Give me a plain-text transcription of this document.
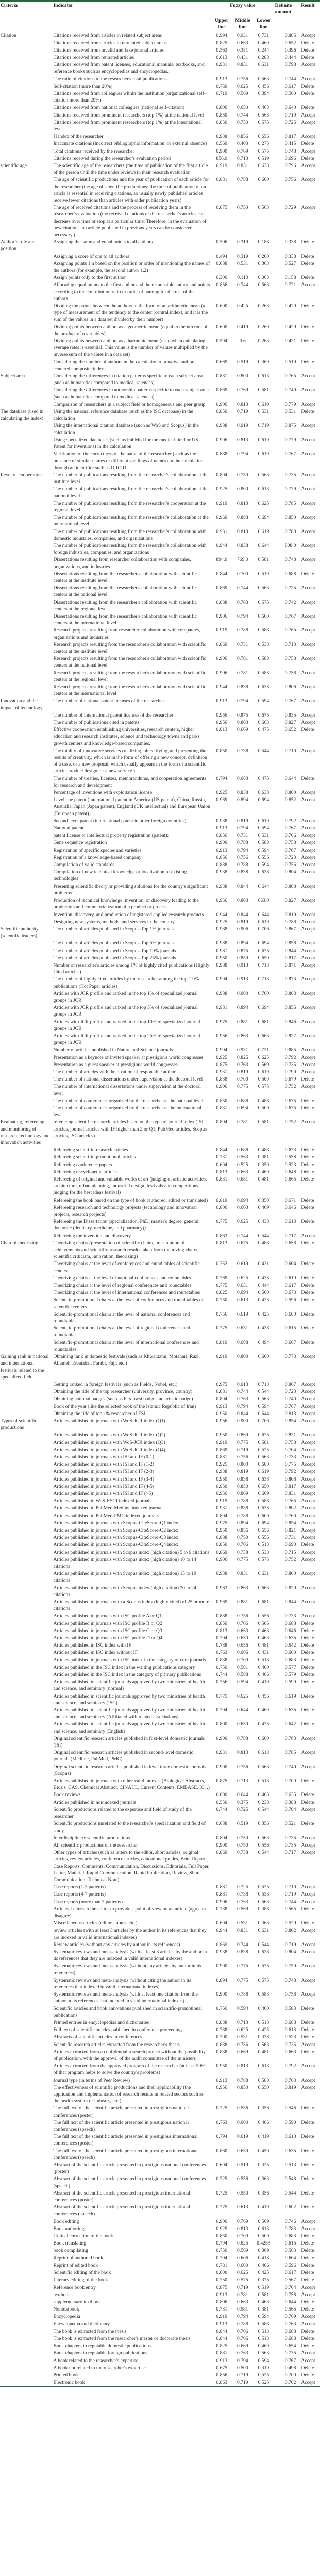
Criteria	Indicator	Fuzzy value			Definite amount	Result
		Upper line	Middle line	Lower line		
Citation	Citations received from articles in related subject areas	0.994	0.931	0.731	0.885	Accept
	Citations received from articles in unrelated subject areas	0.825	0.663	0.469	0.652	Delete
	Citations received from invalid and fake journal articles	0.563	0.381	0.244	0.396	Delete
	Citations received from retracted articles	0.613	0.431	0.288	0.444	Delete
	Citations received from patent licenses, educational manuals, textbooks, and reference books such as encyclopedias and encyclopedias.	0.931	0.831	0.631	0.798	Accept
	The ratio of citations to the researcher's total publications	0.913	0.756	0.563	0.744	Accept
	Self-citation (more than 20%)	0.769	0.625	0.456	0.617	Delete
	Citations received from colleagues within the institution (organizational self-citation more than 20%)	0.719	0.569	0.394	0.560	Delete
	Citations received from national colleagues (national self-citation)	0.806	0.650	0.463	0.640	Delete
	Citations received from prominent researchers (top 1%) at the national level	0.850	0.744	0.563	0.719	Accept
	Citations received from prominent researchers (top 1%) at the international level	0.850	0.750	0.575	0.725	Accept
	H index of the researcher	0.938	0.856	0.656	0.817	Accept
	Inaccurate citations (incorrect bibliographic information, or external absence)	0.569	0.400	0.275	0.415	Delete
	Total citations received by the researcher	0.900	0.769	0.575	0.748	Accept
	Citations received during the researcher's evaluation period	856.0	0.713	0.519	0.696	Delete
scientific age	The scientific age of the researchers (the time of publication of the first article of the person until the time under review) in their research evaluation	0.919	0.831	0.638	0.796	Accept
	The age of scientific productions and the year of publication of each article for the researcher (the age of scientific productions: the time of publication of an article is essential in receiving citations, so usually newly published articles receive fewer citations than articles with older publication years)	0.881	0.788	0.600	0.756	Accept
	The age of received citations and the process of receiving them in the researcher`s evaluation (the received citations of the researcher's articles can decrease over time or stop at a particular time. Therefore, in the evaluation of new citations, an article published in previous years can be considered necessary.)	0.875	0.750	0.563	0.729	Accept
Author`s role and position	Assigning the same and equal points to all authors	0.506	0.319	0.188	0.338	Delete
	Assigning a score of one to all authors	0.494	0.319	0.200	0.338	Delete
	Assigning points 1.n based on the position or order of mentioning the names of the authors (for example, the second author 1.2)	0.688	0.531	0.363	0.527	Delete
	Assign points only to the first author	0.300	0.113	0.063	0.158	Delete
	Allocating equal points to the first author and the responsible author and points according to the contribution ratio or order of naming for the rest of the authors	0.856	0.744	0.563	0.721	Accept
	Dividing the points between the authors in the form of an arithmetic mean (a type of measurement of the tendency to the center (central index), and it is the sum of the values in a data set divided by their number)	0.600	0.425	0.263	0.429	Delete
	Dividing points between authors as a geometric mean (equal to the nth root of the product of n variables)	0.600	0.419	0.269	0.429	Delete
	Dividing points between authors as a harmonic mean (used when calculating average rates is essential. This value is the number of values multiplied by the inverse sum of the values in a data set)	0.594	0.6	0.263	0.421	Delete
	Considering the number of authors in the calculation of a native author-centered composite index	0.669	0.519	0.369	0.519	Delete
Subject area	Considering the differences in citation patterns specific to each subject area (such as humanities compared to medical sciences)	0.881	0.800	0.613	0.765	Accept
	Considering the differences in authorship patterns specific to each subject area (such as humanities compared to medical sciences)	0.869	0.769	0.581	0.740	Accept
	Comparison of researchers in a subject field or homogeneous and peer group	0.906	0.813	0.619	0.779	Accept
The database (used in calculating the index)	Using the national reference database (such as the ISC database) in the calculation	0.850	0.719	0.531	0.531	Delete
	Using the international citation database (such as WoS and Scopus) in the calculation	0.988	0.919	0.719	0.875	Accept
	Using specialized databases (such as PubMed for the medical field or US Patent for inventions) in the calculation	0.906	0.813	0.619	0.779	Accept
	Verification of the correctness of the name of the researcher (such as the presence of similar names or different spellings of names) in the calculation through an identifier such as ORCID	0.888	0.794	0.619	0.767	Accept
Level of cooperation	The number of publications resulting from the researcher's collaboration at the institute level	0.894	0.750	0.563	0.735	Accept
	The number of publications resulting from the researcher's collaboration at the national level	0.925	0.800	0.613	0.779	Accept
	The number of publications resulting from the researcher's cooperation at the regional level	0.919	0.813	0.625	0.785	Accept
	The number of publications resulting from the researcher's collaboration at the international level	0.969	0.888	0.694	0.850	Accept
	The number of publications resulting from the researcher's collaboration with domestic industries, companies, and organizations	0.931	0.813	0.619	0.788	Accept
	The number of publications resulting from the researcher's collaboration with foreign industries, companies, and organizations	0.944	0.838	0.644	808.0	Accept
	Dissertations resulting from researcher collaboration with companies, organizations, and industries	894.0	769.0	0.581	0.748	Accept
	Dissertations resulting from the researcher's collaboration with scientific centers at the institute level	0.844	0.700	0.519	0.688	Delete
	Dissertations resulting from the researcher's collaboration with scientific centers at the national level	0.869	0.744	0.563	0.725	Accept
	Dissertations resulting from the researcher's collaboration with scientific centers at the regional level	0.888	0.763	0.575	0.742	Accept
	Dissertations resulting from the researcher's collaboration with scientific centers at the international level	0.906	0.794	0.600	0.767	Accept
	Research projects resulting from researcher collaboration with companies, organizations and industries	0.919	0.788	0.588	0.765	Accept
	Research projects resulting from the researcher's collaboration with scientific centers at the institute level	0.869	0.731	0.538	0.713	Accept
	Research projects resulting from the researcher's collaboration with scientific centers at the national level	0.906	0.781	0.588	0.758	Accept
	Research projects resulting from the researcher's collaboration with scientific centers at the regional level	0.906	0.781	0.588	0.758	Accept
	Research projects resulting from the researcher's collaboration with scientific centers at the international level	0.944	0.838	0.638	0.806	Accept
Innovation and the impact of technology	The number of national patent licenses of the researcher	0.913	0.794	0.594	0.767	Accept
	The number of international patent licenses of the researcher	0.956	0.875	0.675	0.835	Accept
	The number of publications cited in patents	0.956	0.863	0.663	0.827	Accept
	Effective cooperation establishing universities, research centers, higher education and research institutes, science and technology towns and parks, growth centers and knowledge-based companies.	0.813	0.669	0.475	0.652	Delete
	The totality of innovative services (realizing, objectifying, and presenting the results of creativity, which is in the form of offering a new concept, definition of a case, or a new proposal, which usually appears in the form of a scientific article, product design, or a new service.)	0.850	0.738	0.544	0.710	Accept
	The number of treaties, licenses, memorandums, and cooperation agreements for research and development	0.794	0.663	0.475	0.644	Delete
	Percentage of inventions with exploitation license	0.925	0.838	0.638	0.800	Accept
	Level one patent (international patent in America (US patent), China, Russia, Australia, Japan (Japan patent), England (UK intellectual) and European Union (European patent))	0.969	0.894	0.694	0.852	Accept
	Second level patent (international patent in other foreign countries)	0.938	0.819	0.619	0.792	Accept
	National patent	0.913	0.794	0.594	0.767	Accept
	patent license or intellectual property registration (patent);	0.856	0.731	0.531	0.706	Accept
	Gene sequence registration	0.900	0.788	0.588	0.758	Accept
	Registration of specific species and varieties	0.913	0.794	0.594	0.767	Accept
	Registration of a knowledge-based company	0.856	0.756	0.556	0.723	Accept
	Compilation of valid standards	0.888	0.788	0.594	0.756	Accept
	Compilation of new technical knowledge or localization of existing technologies	0.938	0.838	0.638	0.804	Accept
	Presenting scientific theory or providing solutions for the country's significant problems	0.938	0.844	0.644	0.808	Accept
	Production of technical knowledge, invention, or discovery leading to the production and commercialization of a product or process	0.956	0.863	663.0	0.827	Accept
	Invention, discovery, and production of registered applied research products	0.944	0.844	0.644	0.810	Accept
	Designing new systems, methods, and services in the country	0.925	0.819	0.619	0.788	Accept
Scientific authority (scientific leaders)	The number of articles published in Scopus-Top 1% journals	0.988	0.906	0.706	0.867	Accept
	The number of articles published in Scopus-Top 5% journals	0.988	0.894	0.694	0.858	Accept
	The number of articles published in Scopus-Top 10% journals	0.981	0.875	0.675	0.844	Accept
	The number of articles published in Scopus-Top 25% journals	0.950	0.850	0.650	0.817	Accept
	Number of researcher's articles among 1% of highly cited publications (Highly Cited articles)	0.988	0.913	0.713	0.871	Accept
	The number of highly cited articles by the researcher among the top 1.0% publications (Hot Paper articles)	0.994	0.913	0.713	0.873	Accept
	Articles with JCR profile and ranked in the top 1% of specialized journal groups in JCR	0.988	0.900	0.700	0.863	Accept
	Articles with JCR profile and ranked in the top 5% of specialized journal groups in JCR	0.981	0.894	0.694	0.856	Accept
	Articles with JCR profile and ranked in the top 10% of specialized journal groups in JCR	0.975	0.881	0.681	0.846	Accept
	Articles with JCR profile and ranked in the top 25% of specialized journal groups in JCR	0.956	0.863	0.663	0.827	Accept
	Number of articles published in Nature and Science journals	0.994	0.931	0.731	0.885	Accept
	Presentation as a keynote or invited speaker at prestigious world congresses	0.925	0.825	0.625	0.792	Accept
	Presentation as a guest speaker at prestigious world congresses	0.875	0.763	0.569	0.735	Accept
	The number of articles with the position of responsible author	0.931	0.819	0.619	0.790	Accept
	The number of national dissertations under supervision at the doctoral level	0.838	0.700	0.500	0.679	Delete
	The number of international dissertations under supervision at the doctoral level	0.906	0.775	0.575	0.752	Accept
	The number of conferences organized by the researcher at the national level	0.850	0.688	0.488	0.675	Delete
	The number of conferences organized by the researcher at the international level	0.831	0.694	0.500	0.675	Delete
Evaluating, refereeing and monitoring of research, technology and innovation activities	refereeing scientific research articles based on the type of journal index (ISI articles, journal articles with IF higher than 2 or Q1, PubMed articles, Scopus articles, ISC articles)	0.894	0.781	0.581	0.752	Accept
	Refereeing scientific-research articles	0.844	0.688	0.488	0.673	Delete
	Refereeing scientific-promotional articles	0.731	0.563	0.381	0.558	Delete
	Refereeing conference papers	0.694	0.525	0.350	0.523	Delete
	Refereeing encyclopedia articles	0.813	0.663	0.469	0.648	Delete
	Refereeing of original and valuable works of art (judging of artistic activities, architecture, urban planning, industrial design, festivals and competitions, judging for the best ideas festival)	0.831	0.681	0.481	0.665	Delete
	Refereeing the book based on the type of book (authored, edited or translated)	0.819	0.694	0.350	0.671	Delete
	Refereeing research and technology projects (technology and innovation projects, research projects)	0.806	0.663	0.469	0.646	Delete
	Refereeing the Dissertation (specialization, PhD, master's degree, general doctorate (dentistry, medicine, and pharmacy))	0.775	0.625	0.438	0.613	Delete
	Refereeing the invention and discovery	0.863	0.744	0.544	0.717	Accept
Chair of theorizing	Theorizing chairs (presentation of scientific chairs, presentation of achievements and scientific-research results taken from theorizing chairs, scientific criticism, innovation, theorizing)	0.813	0.675	0.488	0.658	Delete
	Theorizing chairs at the level of conferences and round tables of scientific centers	0.763	0.619	0.431	0.604	Delete
	Theorizing chairs at the level of national conferences and roundtables	0.769	0.625	0.438	0.610	Delete
	Theorizing chairs at the level of regional conferences and roundtables	0.775	0.631	0.444	0.617	Delete
	Theorizing chairs at the level of international conferences and roundtables	0.825	0.694	0.500	0.673	Delete
	Scientific-promotional chairs at the level of conferences and round tables of scientific centers	0.750	0.613	0.425	0.596	Delete
	Scientific-promotional chairs at the level of national conferences and roundtables	0.756	0.619	0.425	0.600	Delete
	Scientific-promotional chairs at the level of regional conferences and roundtables	0.775	0.631	0.438	0.615	Delete
	Scientific-promotional chairs at the level of international conferences and roundtables	0.819	0.688	0.494	0.667	Delete
Gaining rank in national and international festivals related to the specialized field	Obtaining rank in domestic festivals (such as Khwarazmi, Motahari, Razi, Allameh Tabatabai, Farabi, Fajr, etc.)	0.919	0.800	0.600	0.773	Accept
	Getting ranked in foreign festivals (such as Fields, Nobel, etc.)	0.975	0.913	0.713	0.867	Accept
	Obtaining the title of the top researcher (university, province, country)	0.881	0.744	0.544	0.723	Accept
	Obtaining national badges (such as Ferdowsi badge and artistic badge)	0.894	0.763	0.563	0.740	Accept
	Book of the year (like the selected book of the Islamic Republic of Iran)	0.913	0.794	0.594	0.767	Accept
	Obtaining the title of top 1% researcher of ESI	0.950	0.844	0.644	0.813	Accept
Types of scientific productions	Articles published in journals with WoS-JCR index (Q1)	0.956	0.900	0.706	0.854	Accept
	Articles published in journals with WoS-JCR index (Q2)	0.950	0.869	0.675	0.831	Accept
	Articles published in journals with WoS-JCR index (Q3)	0.919	0.775	0.581	0.758	Accept
	Articles published in journals with WoS-JCR index (Q4)	0.869	0.719	0.525	0.704	Accept
	Articles published in journals with ISI and IF (0-1)	0.881	0.756	0.563	0.733	Accept
	Articles published in journals with ISI and IF (1-2)	0.925	0.800	0.600	0.775	Accept
	Articles published in journals with ISI and IF (2-3)	0.938	0.819	0.619	0.792	Accept
	Articles published in journals with ISI and IF (3-4)	0.950	0.838	0.638	0.808	Accept
	Articles published in journals with ISI and IF (4-5)	0.950	0.850	0.650	0.817	Accept
	Articles published in journals with ISI and IF (>5)	0.956	0.869	0.669	0.831	Accept
	Articles published in WoS-ESCI indexed journals	0.919	0.788	0.588	0.765	Accept
	Articles published in PubMed-Medline indexed journals	0.931	0.838	0.638	0.802	Accept
	Articles published in PubMed-PMC indexed journals	0.894	0.788	0.600	0.760	Accept
	Articles published in journals with Scopus-CiteScore-Q1 index	0.975	0.894	0.694	0.854	Accept
	Articles published in journals with Scopus-CiteScore-Q2 index	0.950	0.856	0.656	0.821	Accept
	Articles published in journals with Scopus-CiteScore-Q3 index	0.888	0.750	0.556	0.731	Accept
	Articles published in journals with Scopus-CiteScore-Q4 index	0.850	0.706	0.513	0.690	Delete
	Articles published in journals with Scopus index (high citation) 5 to 9 citations	0.869	0.738	0.538	0.715	Accept
	Articles published in journals with Scopus index (high citation) 10 to 14 citations	0.906	0.775	0.575	0.752	Accept
	Articles published in journals with Scopus index (high citation) 15 to 19 citations	0.938	0.831	0.631	0.800	Accept
	Articles published in journals with Scopus index (high citation) 20 to 24 citations	0.963	0.863	0.663	0.829	Accept
	Articles published in journals with a Scopus index (highly cited) of 25 or more citations	0.969	0.881	0.681	0.844	Accept
	Articles published in journals with ISC profile A or Q1	0.888	0.756	0.556	0.733	Accept
	Articles published in journals with ISC profile B or Q2	0.850	0.706	0.506	0.688	Delete
	Articles published in journals with ISC profile C or Q3	0.813	0.663	0.463	0.646	Delete
	Articles published in journals with ISC profile D or Q4	0.794	0.650	0.463	0.635	Delete
	Articles published in ISC index with IF	0.788	0.656	0.481	0.642	Delete
	Articles published in ISC index without IF	0.763	0.606	0.431	0.600	Delete
	Articles published in journals with ISC index in the category of core journals	0.838	0.700	0.513	0.683	Delete
	Articles published in the ISC index in the waiting publications category	0.750	0.581	0.400	0.577	Delete
	Articles published in the ISC index in the category of primary publications	0.744	0.588	0.406	0.579	Delete
	Articles published in scientific journals approved by two ministries of health and science, and seminary (normal)	0.756	0.594	0.419	0.590	Delete
	Articles published in scientific journals approved by two ministries of health and science, and seminary (ISC)	0.775	0.625	0.456	0.619	Delete
	Articles published in scientific journals approved by two ministries of health and science, and seminary (Affiliated with related associations)	0.794	0.644	0.469	0.635	Delete
	Articles published in scientific journals approved by two ministries of health and science, and seminary (English)	0.800	0.650	0.475	0.642	Delete
	Original scientific research articles published in first-level domestic journals (ISI)	0.900	0.788	0.600	0.763	Accept
	Original scientific research articles published in second-level domestic journals (Medline, PubMed, PMC)	0.931	0.813	0.613	0.785	Accept
	Original scientific research articles published in level three domestic journals (Scopus)	0.900	0.756	0.563	0.740	Accept
	Articles published in journals with other valid indexes (Biological Abstracts, Biosis, CAS, Chemical Abstract, CINAHL, Current Contents, EMBASE, IC, .)	0.875	0.713	0.513	0.700	Delete
	Book reviews	0.800	0.644	0.463	0.635	Delete
	Articles published in nonindexed journals	0.550	0.375	0.238	0.388	Delete
	Scientific productions related to the expertise and field of study of the researcher	0.744	0.725	0.544	0.704	Accept
	Scientific productions unrelated to the researcher's specialization and field of study	0.688	0.519	0.356	0.521	Delete
	Interdisciplinary scientific productions	0.894	0.750	0.563	0.735	Accept
	All scientific productions of the researcher	0.900	0.750	0.556	0.735	Accept
	Other types of articles (such as letters to the editor, short articles, original articles, review articles, conference articles, educational guides, Brief Reports, Case Reports, Comments, Communication, Discussions, Editorials, Full Paper, Letter, Material, Rapid Communication, Rapid Publication, Review, Short Communication, Technical Note)	0.869	0.738	0.544	0.717	Accept
	Case reports (1-3 patients)	0.881	0.725	0.525	0.710	Accept
	Case reports (4-7 patients)	0.881	0.738	0.538	0.719	Accept
	Case reports (more than 7 patients)	0.906	0.763	0.563	0.744	Accept
	Articles Letters to the editor to provide a point of view on an article (agree or disagree)	0.738	0.569	0.388	0.565	Delete
	Miscellaneous articles (editor's notes, etc.)	0.694	0.531	0.363	0.529	Delete
	review articles (with at least 3 articles by the author in its references that they are indexed in valid international indexes)	0.944	0.831	0.631	0.802	Accept
	Review articles (without any articles by author in its references)	0.869	0.744	0.544	0.719	Accept
	Systematic reviews and meta-analysis (with at least 3 articles by the author in its references that they are indexed in valid international indexes)	0.938	0.838	0.638	0.804	Accept
	Systematic reviews and meta-analysis (without any articles by author in its references)	0.900	0.775	0.575	0.750	Accept
	Systematic reviews and meta-analysis (without citing the author in its references that indexed in valid international indexes)	0.894	0.775	0.575	0.748	Accept
	Systematic reviews and meta-analysis (with at least one citation from the author in its references that indexed in valid international indexes)	0.900	0.788	0.588	0.758	Accept
	Scientific articles and book annotations published in scientific-promotional publications	0.756	0.594	0.400	0.583	Delete
	Printed entries in encyclopedias and dictionaries	0.838	0.713	0.513	0.688	Delete
	Full text of scientific articles published in conference proceedings	0.788	0.625	0.425	0.613	Delete
	Abstracts of scientific articles in conferences	0.700	0.531	0.338	0.523	Delete
	Scientific research articles extracted from the researcher's thesis	0.888	0.756	0.563	0.735	Accept
	Articles extracted from a confidential research project without the possibility of publication, with the approval of the audit committee of the ministers	0.838	0.669	0.481	0.663	Delete
	Articles extracted from the approved program of the researcher (at least 50% of that program helps to solve the country's problems)	0.950	0.813	0.613	0.792	Accept
	Journal type (in terms of Peer Review)	0.913	0.788	0.588	0.763	Accept
	The effectiveness of scientific productions and their applicability (the application and implementation of research results in related sectors such as the health system or industry, etc.)	0.956	0.850	0.650	0.819	Accept
	The full text of the scientific article presented in prestigious national conferences (poster)	0.725	0.556	0.356	0.546	Delete
	The full text of the scientific article presented in prestigious national conferences (speech)	0.763	0.600	0.406	0.590	Delete
	The full text of the scientific article presented in prestigious international conferences (poster)	0.794	0.619	0.419	0.610	Delete
	The full text of the scientific article presented in prestigious international conferences (speech)	0.860	0.650	0.450	0.635	Delete
	Abstract of the scientific article presented in prestigious national conferences (poster)	0.694	0.519	0.325	0.513	Delete
	Abstract of the scientific article presented in prestigious national conferences (speech)	0.725	0.556	0.363	0.548	Delete
	Abstract of the scientific article presented in prestigious international conferences (poster)	0.725	0.550	0.356	0.544	Delete
	Abstract of the scientific article presented in prestigious international conferences (speech)	0.775	0.613	0.419	0.602	Delete
	Book editing	0.900	0.769	0.569	0.746	Accept
	Book authoring	0.925	0.813	0.613	0.783	Accept
	Critical correction of the book	0.850	0.700	0.500	0.683	Delete
	Book translating	0.794	0.625	0.4255	0.615	Delete
	book compilating	0.750	0.569	0.369	0.563	Delete
	Reprint of authored book	0.794	0.606	0.413	0.604	Delete
	Reprint of edited book	0.781	0.600	0.406	0.596	Delete
	Scientific editing of the book	0.800	0.625	0.425	0.617	Delete
	Literary editing of the book	0.750	0.575	0.375	0.567	Delete
	Reference book entry	0.875	0.719	0.519	0.704	Accept
	textbook	0.913	0.781	0.581	0.758	Accept
	supplementary textbook	0.806	0.663	0.463	0.644	Delete
	Nontextbook	0.731	0.581	0.381	0.565	Delete
	Encyclopedia	0.919	0.794	0.594	0.769	Accept
	Encyclopedia and dictionary	0.913	0.788	0.588	0.763	Accept
	The book is extracted from the thesis	0.844	0.706	0.513	0.688	Delete
	The book is extracted from the researcher's master or doctorate thesis	0.844	0.706	0.513	0.688	Delete
	Book chapters in reputable domestic publications	0.825	0.669	0.469	0.654	Delete
	Book chapters in reputable foreign publications	0.881	0.763	0.563	0.735	Accept
	A book related to the researcher's expertise	0.913	0.794	0.594	0.767	Accept
	A book not related to the researcher's expertise	0.675	0.500	0.319	0.498	Delete
	Printed book	0.856	0.719	0.525	0.700	Delete
	Electronic book	0.863	0.719	0.525	0.702	Accept
